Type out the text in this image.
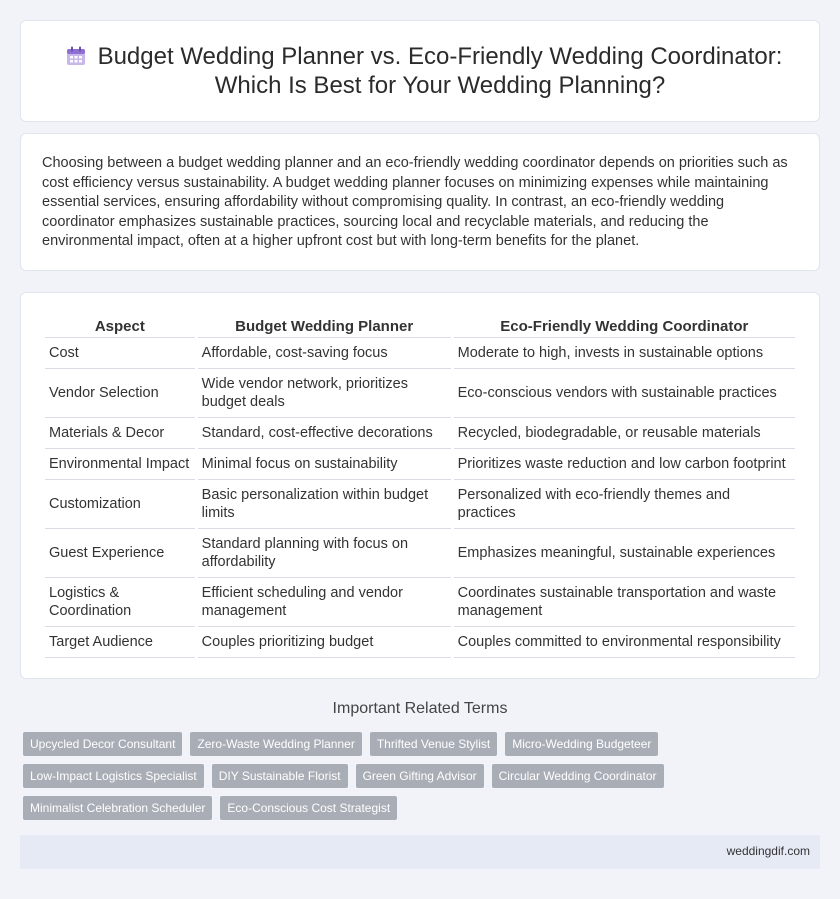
Budget Wedding Planner vs. Eco-Friendly Wedding Coordinator: Which Is Best for Your Wedding Planning?

Choosing between a budget wedding planner and an eco-friendly wedding coordinator depends on priorities such as cost efficiency versus sustainability. A budget wedding planner focuses on minimizing expenses while maintaining essential services, ensuring affordability without compromising quality. In contrast, an eco-friendly wedding coordinator emphasizes sustainable practices, sourcing local and recyclable materials, and reducing the environmental impact, often at a higher upfront cost but with long-term benefits for the planet.

Aspect	Budget Wedding Planner	Eco-Friendly Wedding Coordinator
Cost	Affordable, cost-saving focus	Moderate to high, invests in sustainable options
Vendor Selection	Wide vendor network, prioritizes budget deals	Eco-conscious vendors with sustainable practices
Materials & Decor	Standard, cost-effective decorations	Recycled, biodegradable, or reusable materials
Environmental Impact	Minimal focus on sustainability	Prioritizes waste reduction and low carbon footprint
Customization	Basic personalization within budget limits	Personalized with eco-friendly themes and practices
Guest Experience	Standard planning with focus on affordability	Emphasizes meaningful, sustainable experiences
Logistics & Coordination	Efficient scheduling and vendor management	Coordinates sustainable transportation and waste management
Target Audience	Couples prioritizing budget	Couples committed to environmental responsibility
Important Related Terms
Upcycled Decor Consultant	Zero-Waste Wedding Planner	Thrifted Venue Stylist	Micro-Wedding Budgeteer
Low-Impact Logistics Specialist	DIY Sustainable Florist	Green Gifting Advisor	Circular Wedding Coordinator
Minimalist Celebration Scheduler	Eco-Conscious Cost Strategist
weddingdif.com
